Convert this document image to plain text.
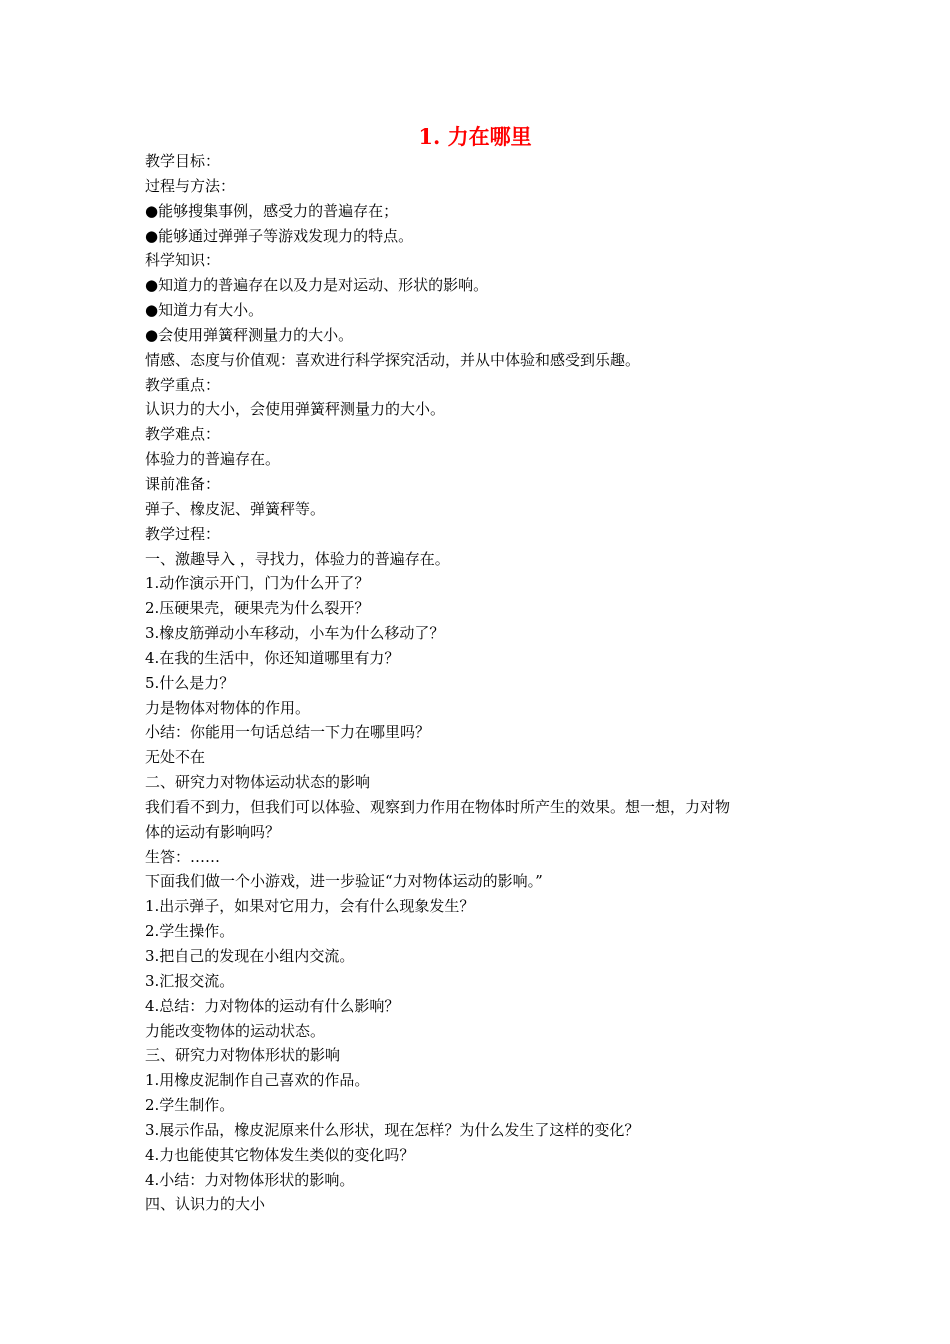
1. 力在哪里

教学目标：

过程与方法：

●能够搜集事例，感受力的普遍存在；

●能够通过弹弹子等游戏发现力的特点。

科学知识：

●知道力的普遍存在以及力是对运动、形状的影响。

●知道力有大小。

●会使用弹簧秤测量力的大小。

情感、态度与价值观：喜欢进行科学探究活动，并从中体验和感受到乐趣。

教学重点：

认识力的大小，会使用弹簧秤测量力的大小。

教学难点：

体验力的普遍存在。

课前准备：

弹子、橡皮泥、弹簧秤等。

教学过程：

一、激趣导入 ，寻找力，体验力的普遍存在。

1.动作演示开门，门为什么开了？

2.压硬果壳，硬果壳为什么裂开？

3.橡皮筋弹动小车移动，小车为什么移动了？

4.在我的生活中，你还知道哪里有力？

5.什么是力？

力是物体对物体的作用。

小结：你能用一句话总结一下力在哪里吗？

无处不在

二、研究力对物体运动状态的影响

我们看不到力，但我们可以体验、观察到力作用在物体时所产生的效果。想一想，力对物

体的运动有影响吗？

生答：……

下面我们做一个小游戏，进一步验证“力对物体运动的影响。”

1.出示弹子，如果对它用力，会有什么现象发生？

2.学生操作。

3.把自己的发现在小组内交流。

3.汇报交流。

4.总结：力对物体的运动有什么影响？

力能改变物体的运动状态。

三、研究力对物体形状的影响

1.用橡皮泥制作自己喜欢的作品。

2.学生制作。

3.展示作品，橡皮泥原来什么形状，现在怎样？为什么发生了这样的变化？

4.力也能使其它物体发生类似的变化吗？

4.小结：力对物体形状的影响。

四、认识力的大小
